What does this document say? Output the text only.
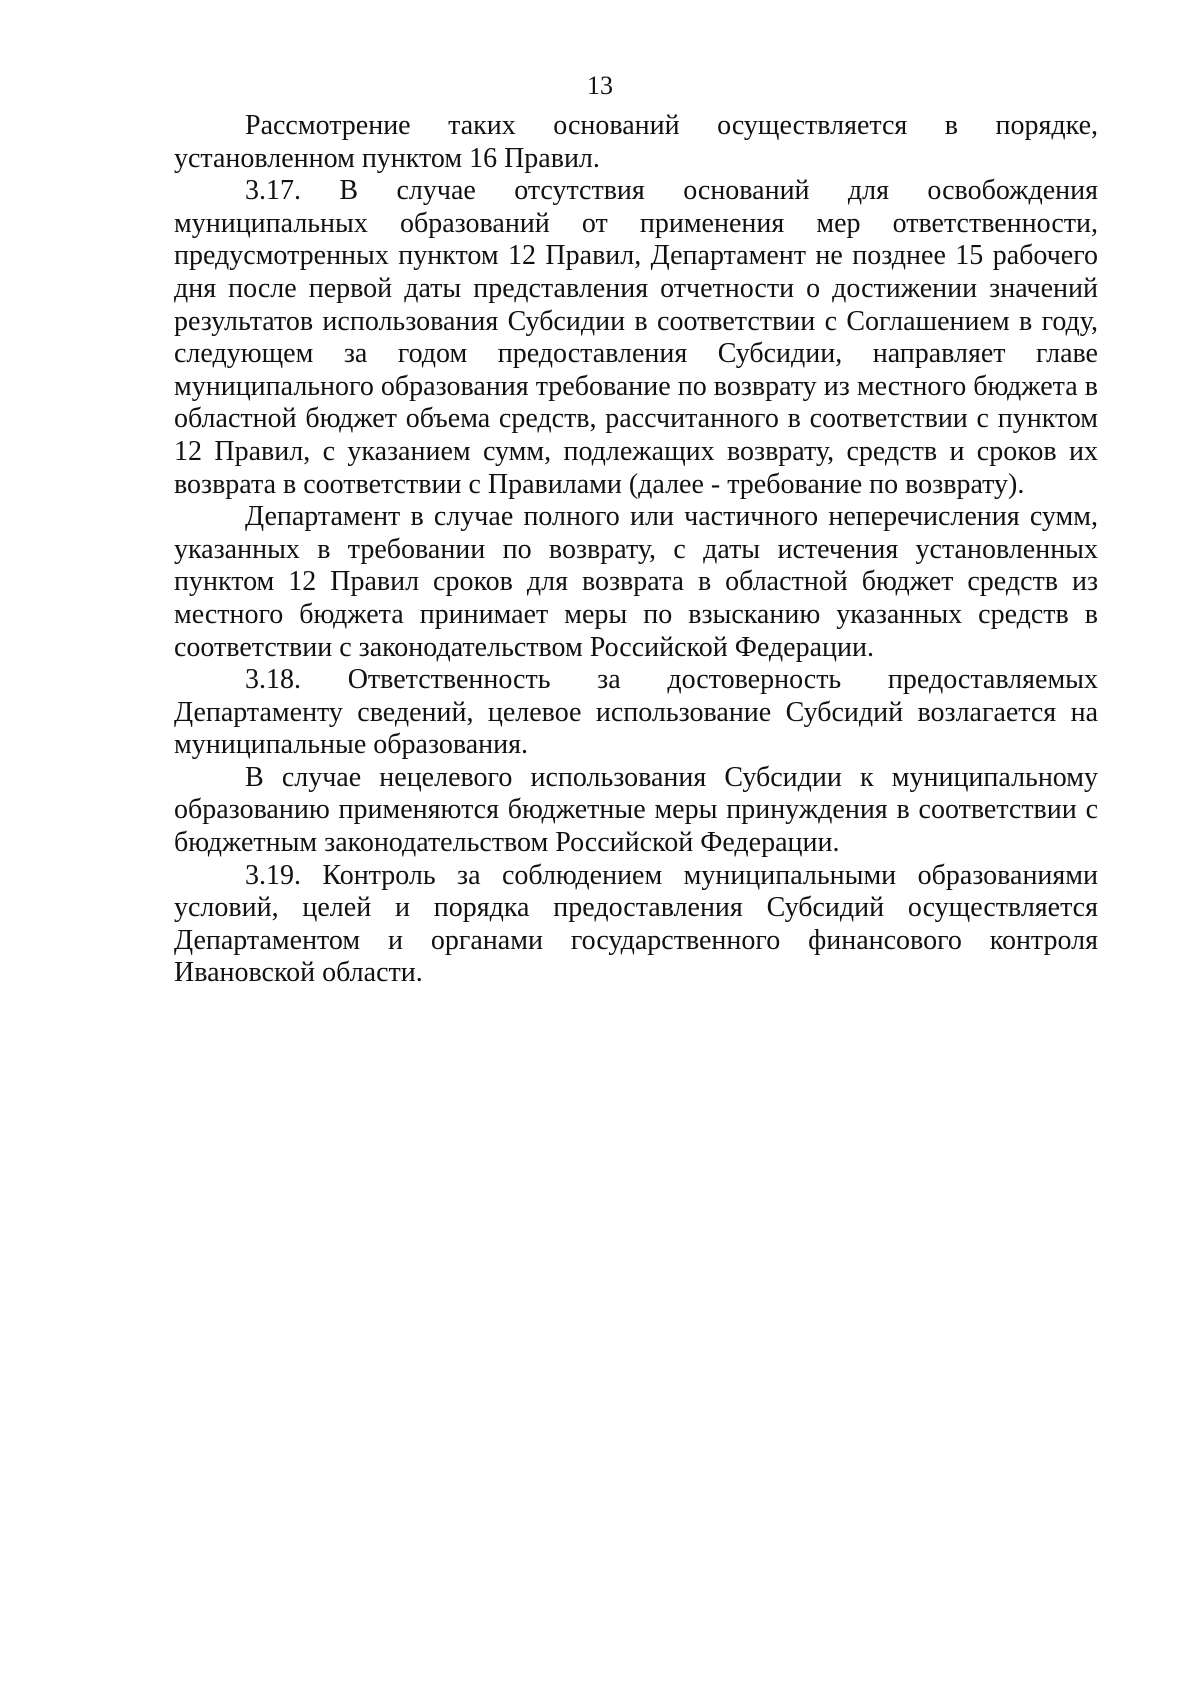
13

Рассмотрение таких оснований осуществляется в порядке, установленном пунктом 16 Правил.

3.17. В случае отсутствия оснований для освобождения муниципальных образований от применения мер ответственности, предусмотренных пунктом 12 Правил, Департамент не позднее 15 рабочего дня после первой даты представления отчетности о достижении значений результатов использования Субсидии в соответствии с Соглашением в году, следующем за годом предоставления Субсидии, направляет главе муниципального образования требование по возврату из местного бюджета в областной бюджет объема средств, рассчитанного в соответствии с пунктом 12 Правил, с указанием сумм, подлежащих возврату, средств и сроков их возврата в соответствии с Правилами (далее - требование по возврату).

Департамент в случае полного или частичного неперечисления сумм, указанных в требовании по возврату, с даты истечения установленных пунктом 12 Правил сроков для возврата в областной бюджет средств из местного бюджета принимает меры по взысканию указанных средств в соответствии с законодательством Российской Федерации.

3.18. Ответственность за достоверность предоставляемых Департаменту сведений, целевое использование Субсидий возлагается на муниципальные образования.

В случае нецелевого использования Субсидии к муниципальному образованию применяются бюджетные меры принуждения в соответствии с бюджетным законодательством Российской Федерации.

3.19. Контроль за соблюдением муниципальными образованиями условий, целей и порядка предоставления Субсидий осуществляется Департаментом и органами государственного финансового контроля Ивановской области.
